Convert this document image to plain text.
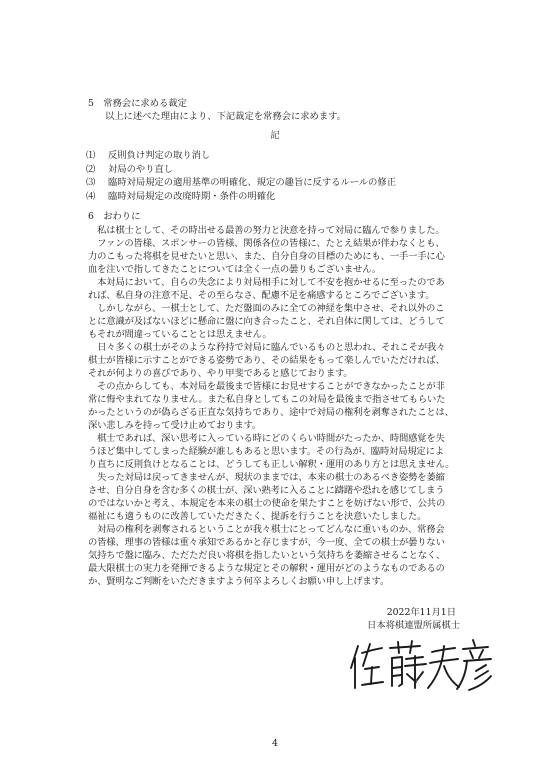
5　常務会に求める裁定

以上に述べた理由により、下記裁定を常務会に求めます。

記
⑴	反則負け判定の取り消し
⑵	対局のやり直し
⑶	臨時対局規定の適用基準の明確化、規定の趣旨に反するルールの修正
⑷	臨時対局規定の改廃時期・条件の明確化
6　おわりに

　私は棋士として、その時出せる最善の努力と決意を持って対局に臨んで参りました。

　ファンの皆様、スポンサーの皆様、関係各位の皆様に、たとえ結果が伴わなくとも、
力のこもった将棋を見せたいと思い、また、自分自身の目標のためにも、一手一手に心
血を注いで指してきたことについては全く一点の曇りもございません。

　本対局において、自らの失念により対局相手に対して不安を抱かせるに至ったのであ
れば、私自身の注意不足、その至らなさ、配慮不足を痛感するところでございます。

　しかしながら、一棋士として、ただ盤面のみに全ての神経を集中させ、それ以外のこ
とに意識が及ばないほどに懸命に盤に向き合ったこと、それ自体に関しては、どうして
もそれが間違っていることとは思えません。

　日々多くの棋士がそのような矜持で対局に臨んでいるものと思われ、それこそが我々
棋士が皆様に示すことができる姿勢であり、その結果をもって楽しんでいただければ、
それが何よりの喜びであり、やり甲斐であると感じております。

　その点からしても、本対局を最後まで皆様にお見せすることができなかったことが非
常に悔やまれてなりません。また私自身としてもこの対局を最後まで指させてもらいた
かったというのが偽らざる正直な気持ちであり、途中で対局の権利を剥奪されたことは、
深い悲しみを持って受け止めております。

　棋士であれば、深い思考に入っている時にどのくらい時間がたったか、時間感覚を失
うほど集中してしまった経験が誰しもあると思います。その行為が、臨時対局規定によ
り直ちに反則負けとなることは、どうしても正しい解釈・運用のあり方とは思えません。

　失った対局は戻ってきませんが、現状のままでは、本来の棋士のあるべき姿勢を萎縮
させ、自分自身を含む多くの棋士が、深い熟考に入ることに躊躇や恐れを感じてしまう
のではないかと考え、本規定を本来の棋士の使命を果たすことを妨げない形で、公共の
福祉にも適うものに改善していただきたく、提訴を行うことを決意いたしました。

　対局の権利を剥奪されるということが我々棋士にとってどんなに重いものか、常務会
の皆様、理事の皆様は重々承知であるかと存じますが、今一度、全ての棋士が曇りない
気持ちで盤に臨み、ただただ良い将棋を指したいという気持ちを萎縮させることなく、
最大限棋士の実力を発揮できるような規定とその解釈・運用がどのようなものであるの
か、賢明なご判断をいただきますよう何卒よろしくお願い申し上げます。

2022年11月1日
日本将棋連盟所属棋士
4
